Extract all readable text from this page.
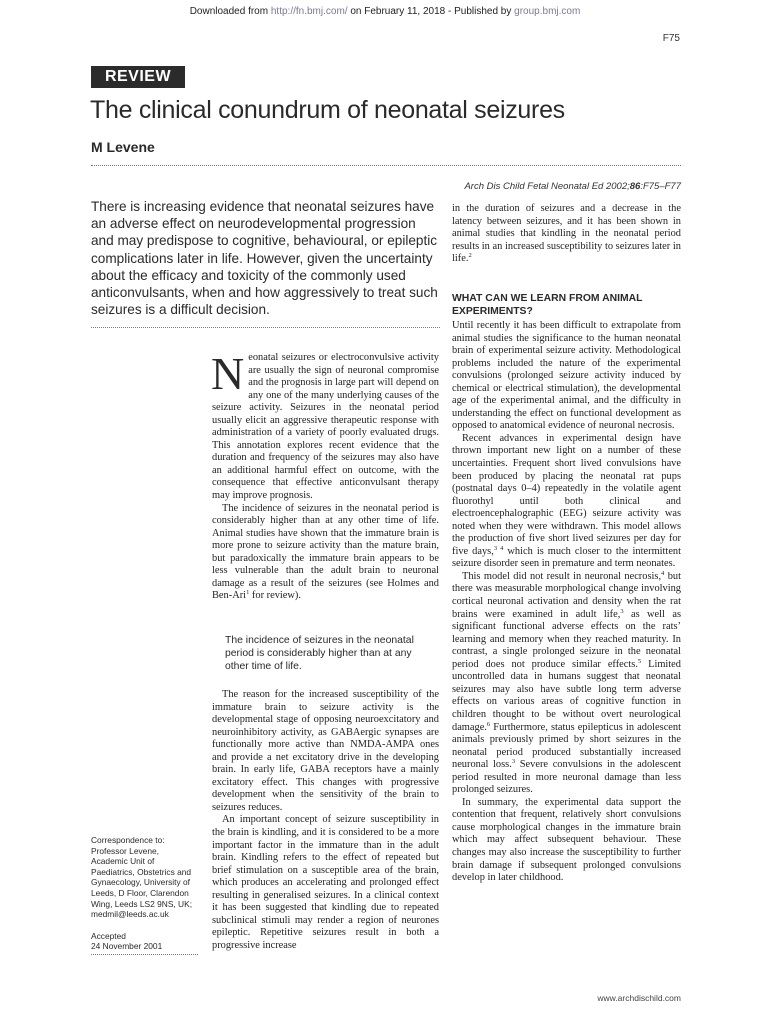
Downloaded from http://fn.bmj.com/ on February 11, 2018 - Published by group.bmj.com
F75
REVIEW
The clinical conundrum of neonatal seizures
M Levene
Arch Dis Child Fetal Neonatal Ed 2002;86:F75–F77
There is increasing evidence that neonatal seizures have an adverse effect on neurodevelopmental progression and may predispose to cognitive, behavioural, or epileptic complications later in life. However, given the uncertainty about the efficacy and toxicity of the commonly used anticonvulsants, when and how aggressively to treat such seizures is a difficult decision.

Neonatal seizures or electroconvulsive activity are usually the sign of neuronal compromise and the prognosis in large part will depend on any one of the many underlying causes of the seizure activity. Seizures in the neonatal period usually elicit an aggressive therapeutic response with administration of a variety of poorly evaluated drugs. This annotation explores recent evidence that the duration and frequency of the seizures may also have an additional harmful effect on outcome, with the consequence that effective anticonvulsant therapy may improve prognosis.

The incidence of seizures in the neonatal period is considerably higher than at any other time of life. Animal studies have shown that the immature brain is more prone to seizure activity than the mature brain, but paradoxically the immature brain appears to be less vulnerable than the adult brain to neuronal damage as a result of the seizures (see Holmes and Ben-Ari$^1$ for review).

The incidence of seizures in the neonatal period is considerably higher than at any other time of life.

The reason for the increased susceptibility of the immature brain to seizure activity is the developmental stage of opposing neuroexcitatory and neuroinhibitory activity, as GABAergic synapses are functionally more active than NMDA-AMPA ones and provide a net excitatory drive in the developing brain. In early life, GABA receptors have a mainly excitatory effect. This changes with progressive development when the sensitivity of the brain to seizures reduces.

An important concept of seizure susceptibility in the brain is kindling, and it is considered to be a more important factor in the immature than in the adult brain. Kindling refers to the effect of repeated but brief stimulation on a susceptible area of the brain, which produces an accelerating and prolonged effect resulting in generalised seizures. In a clinical context it has been suggested that kindling due to repeated subclinical stimuli may render a region of neurones epileptic. Repetitive seizures result in both a progressive increase

in the duration of seizures and a decrease in the latency between seizures, and it has been shown in animal studies that kindling in the neonatal period results in an increased susceptibility to seizures later in life.$^2$

WHAT CAN WE LEARN FROM ANIMAL EXPERIMENTS?

Until recently it has been difficult to extrapolate from animal studies the significance to the human neonatal brain of experimental seizure activity. Methodological problems included the nature of the experimental convulsions (prolonged seizure activity induced by chemical or electrical stimulation), the developmental age of the experimental animal, and the difficulty in understanding the effect on functional development as opposed to anatomical evidence of neuronal necrosis.

Recent advances in experimental design have thrown important new light on a number of these uncertainties. Frequent short lived convulsions have been produced by placing the neonatal rat pups (postnatal days 0–4) repeatedly in the volatile agent fluorothyl until both clinical and electroencephalographic (EEG) seizure activity was noted when they were withdrawn. This model allows the production of five short lived seizures per day for five days,$^{3 4}$ which is much closer to the intermittent seizure disorder seen in premature and term neonates.

This model did not result in neuronal necrosis,$^4$ but there was measurable morphological change involving cortical neuronal activation and density when the rat brains were examined in adult life,$^3$ as well as significant functional adverse effects on the rats’ learning and memory when they reached maturity. In contrast, a single prolonged seizure in the neonatal period does not produce similar effects.$^5$ Limited uncontrolled data in humans suggest that neonatal seizures may also have subtle long term adverse effects on various areas of cognitive function in children thought to be without overt neurological damage.$^6$ Furthermore, status epilepticus in adolescent animals previously primed by short seizures in the neonatal period produced substantially increased neuronal loss.$^3$ Severe convulsions in the adolescent period resulted in more neuronal damage than less prolonged seizures.

In summary, the experimental data support the contention that frequent, relatively short convulsions cause morphological changes in the immature brain which may affect subsequent behaviour. These changes may also increase the susceptibility to further brain damage if subsequent prolonged convulsions develop in later childhood.

Correspondence to:
Professor Levene,
Academic Unit of
Paediatrics, Obstetrics and
Gynaecology, University of
Leeds, D Floor, Clarendon
Wing, Leeds LS2 9NS, UK;
medmil@leeds.ac.uk
Accepted
24 November 2001
www.archdischild.com
